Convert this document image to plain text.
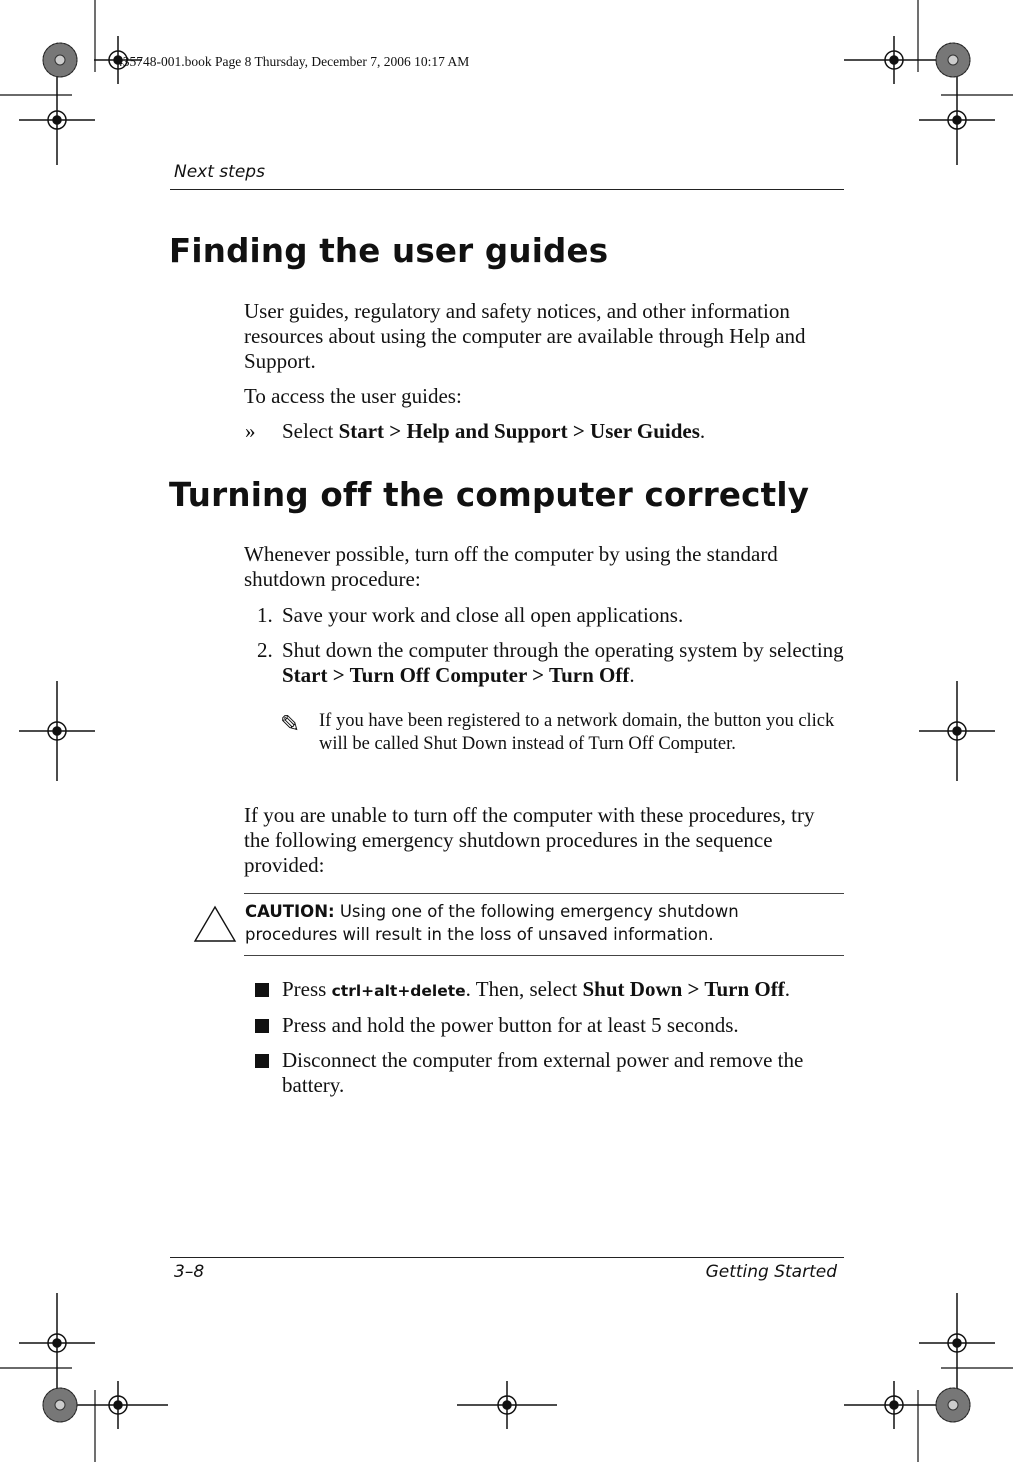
435748-001.book Page 8 Thursday, December 7, 2006 10:17 AM
Next steps
Finding the user guides
User guides, regulatory and safety notices, and other information resources about using the computer are available through Help and Support.
To access the user guides:
» Select Start > Help and Support > User Guides.
Turning off the computer correctly
Whenever possible, turn off the computer by using the standard shutdown procedure:
1. Save your work and close all open applications.
2. Shut down the computer through the operating system by selecting Start > Turn Off Computer > Turn Off.
✎ If you have been registered to a network domain, the button you click will be called Shut Down instead of Turn Off Computer.
If you are unable to turn off the computer with these procedures, try the following emergency shutdown procedures in the sequence provided:
CAUTION: Using one of the following emergency shutdown procedures will result in the loss of unsaved information.
Press ctrl+alt+delete. Then, select Shut Down > Turn Off.
Press and hold the power button for at least 5 seconds.
Disconnect the computer from external power and remove the battery.
3–8	Getting Started
